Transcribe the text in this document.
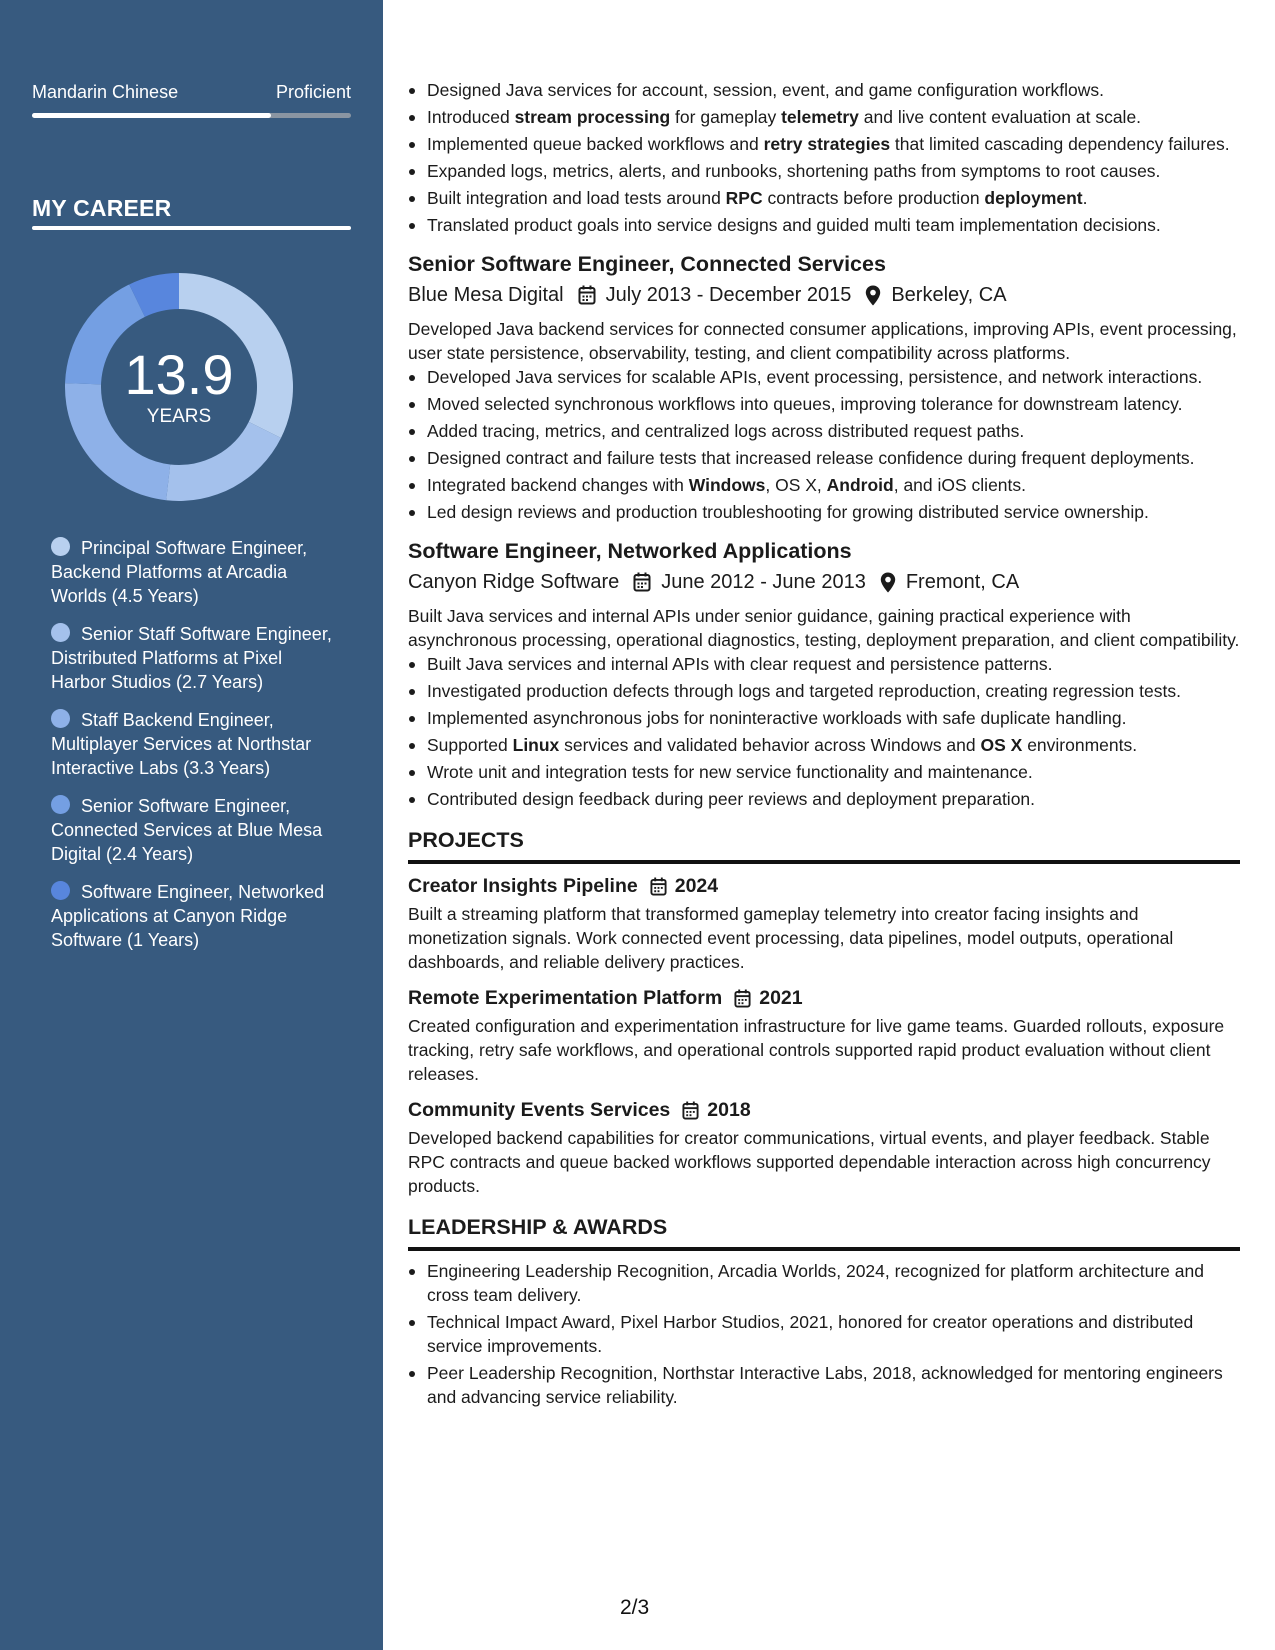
Mandarin Chinese	Proficient
MY CAREER
13.9
YEARS
Principal Software Engineer, Backend Platforms at Arcadia Worlds (4.5 Years)
Senior Staff Software Engineer, Distributed Platforms at Pixel Harbor Studios (2.7 Years)
Staff Backend Engineer, Multiplayer Services at Northstar Interactive Labs (3.3 Years)
Senior Software Engineer, Connected Services at Blue Mesa Digital (2.4 Years)
Software Engineer, Networked Applications at Canyon Ridge Software (1 Years)
Designed Java services for account, session, event, and game configuration workflows.
Introduced stream processing for gameplay telemetry and live content evaluation at scale.
Implemented queue backed workflows and retry strategies that limited cascading dependency failures.
Expanded logs, metrics, alerts, and runbooks, shortening paths from symptoms to root causes.
Built integration and load tests around RPC contracts before production deployment.
Translated product goals into service designs and guided multi team implementation decisions.
Senior Software Engineer, Connected Services
Blue Mesa Digital July 2013 - December 2015 Berkeley, CA

Developed Java backend services for connected consumer applications, improving APIs, event processing, user state persistence, observability, testing, and client compatibility across platforms.

Developed Java services for scalable APIs, event processing, persistence, and network interactions.
Moved selected synchronous workflows into queues, improving tolerance for downstream latency.
Added tracing, metrics, and centralized logs across distributed request paths.
Designed contract and failure tests that increased release confidence during frequent deployments.
Integrated backend changes with Windows, OS X, Android, and iOS clients.
Led design reviews and production troubleshooting for growing distributed service ownership.
Software Engineer, Networked Applications
Canyon Ridge Software June 2012 - June 2013 Fremont, CA

Built Java services and internal APIs under senior guidance, gaining practical experience with asynchronous processing, operational diagnostics, testing, deployment preparation, and client compatibility.

Built Java services and internal APIs with clear request and persistence patterns.
Investigated production defects through logs and targeted reproduction, creating regression tests.
Implemented asynchronous jobs for noninteractive workloads with safe duplicate handling.
Supported Linux services and validated behavior across Windows and OS X environments.
Wrote unit and integration tests for new service functionality and maintenance.
Contributed design feedback during peer reviews and deployment preparation.
PROJECTS
Creator Insights Pipeline 2024

Built a streaming platform that transformed gameplay telemetry into creator facing insights and monetization signals. Work connected event processing, data pipelines, model outputs, operational dashboards, and reliable delivery practices.

Remote Experimentation Platform 2021

Created configuration and experimentation infrastructure for live game teams. Guarded rollouts, exposure tracking, retry safe workflows, and operational controls supported rapid product evaluation without client releases.

Community Events Services 2018

Developed backend capabilities for creator communications, virtual events, and player feedback. Stable RPC contracts and queue backed workflows supported dependable interaction across high concurrency products.

LEADERSHIP & AWARDS
Engineering Leadership Recognition, Arcadia Worlds, 2024, recognized for platform architecture and cross team delivery.
Technical Impact Award, Pixel Harbor Studios, 2021, honored for creator operations and distributed service improvements.
Peer Leadership Recognition, Northstar Interactive Labs, 2018, acknowledged for mentoring engineers and advancing service reliability.
2/3
